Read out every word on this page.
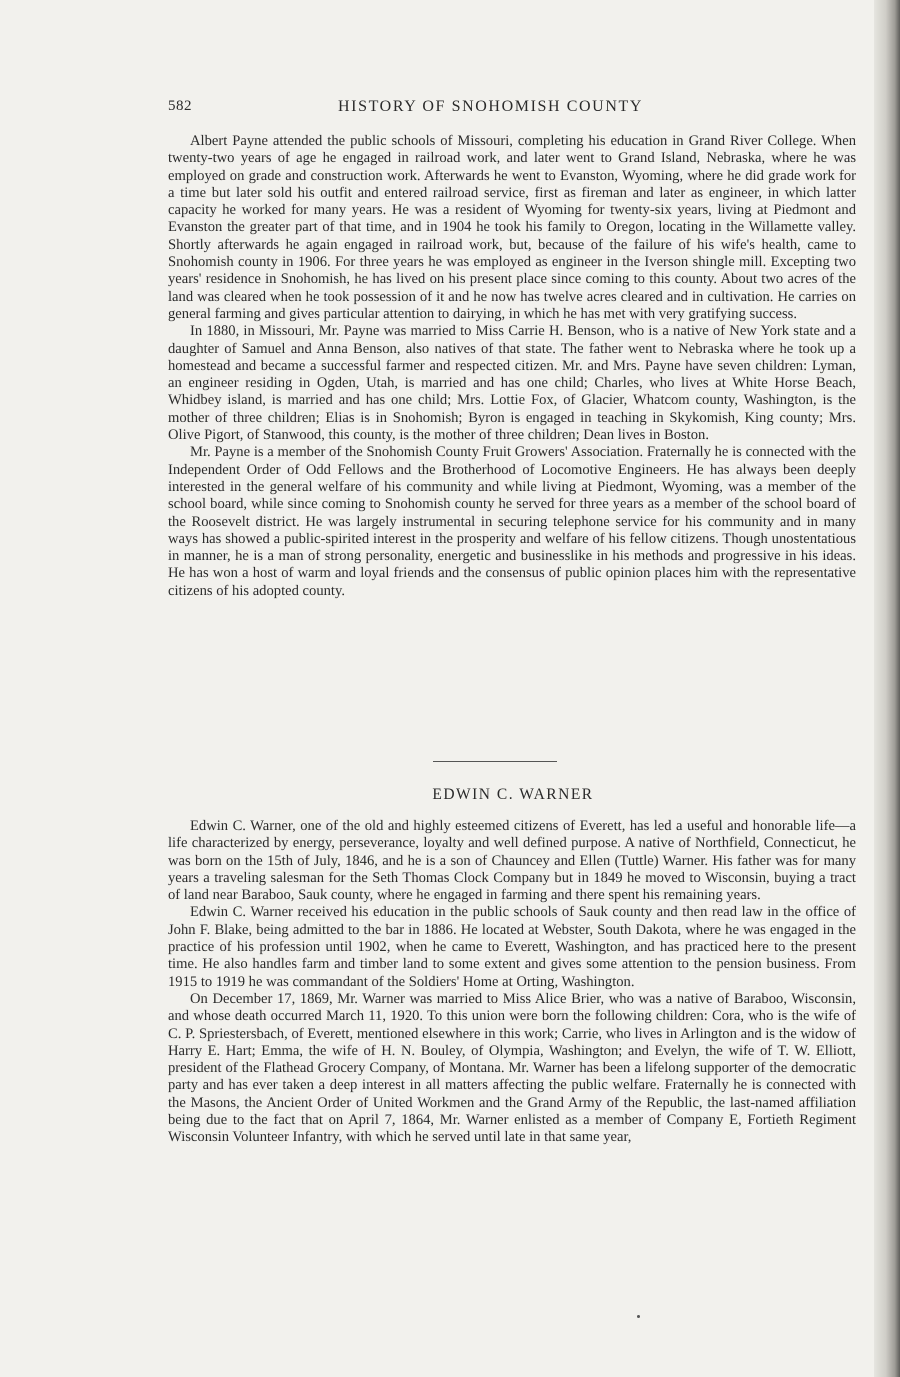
582	HISTORY OF SNOHOMISH COUNTY

Albert Payne attended the public schools of Missouri, completing his education in Grand River College. When twenty-two years of age he engaged in railroad work, and later went to Grand Island, Nebraska, where he was employed on grade and construction work. Afterwards he went to Evanston, Wyoming, where he did grade work for a time but later sold his outfit and entered railroad service, first as fireman and later as engineer, in which latter capacity he worked for many years. He was a resident of Wyoming for twenty-six years, living at Piedmont and Evanston the greater part of that time, and in 1904 he took his family to Oregon, locating in the Willamette valley. Shortly afterwards he again engaged in railroad work, but, because of the failure of his wife's health, came to Snohomish county in 1906. For three years he was employed as engineer in the Iverson shingle mill. Excepting two years' residence in Snohomish, he has lived on his present place since coming to this county. About two acres of the land was cleared when he took possession of it and he now has twelve acres cleared and in cultivation. He carries on general farming and gives particular attention to dairying, in which he has met with very gratifying success.

In 1880, in Missouri, Mr. Payne was married to Miss Carrie H. Benson, who is a native of New York state and a daughter of Samuel and Anna Benson, also natives of that state. The father went to Nebraska where he took up a homestead and became a successful farmer and respected citizen. Mr. and Mrs. Payne have seven children: Lyman, an engineer residing in Ogden, Utah, is married and has one child; Charles, who lives at White Horse Beach, Whidbey island, is married and has one child; Mrs. Lottie Fox, of Glacier, Whatcom county, Washington, is the mother of three children; Elias is in Snohomish; Byron is engaged in teaching in Skykomish, King county; Mrs. Olive Pigort, of Stanwood, this county, is the mother of three children; Dean lives in Boston.

Mr. Payne is a member of the Snohomish County Fruit Growers' Association. Fraternally he is connected with the Independent Order of Odd Fellows and the Brotherhood of Locomotive Engineers. He has always been deeply interested in the general welfare of his community and while living at Piedmont, Wyoming, was a member of the school board, while since coming to Snohomish county he served for three years as a member of the school board of the Roosevelt district. He was largely instrumental in securing telephone service for his community and in many ways has showed a public-spirited interest in the prosperity and welfare of his fellow citizens. Though unostentatious in manner, he is a man of strong personality, energetic and businesslike in his methods and progressive in his ideas. He has won a host of warm and loyal friends and the consensus of public opinion places him with the representative citizens of his adopted county.

EDWIN C. WARNER

Edwin C. Warner, one of the old and highly esteemed citizens of Everett, has led a useful and honorable life—a life characterized by energy, perseverance, loyalty and well defined purpose. A native of Northfield, Connecticut, he was born on the 15th of July, 1846, and he is a son of Chauncey and Ellen (Tuttle) Warner. His father was for many years a traveling salesman for the Seth Thomas Clock Company but in 1849 he moved to Wisconsin, buying a tract of land near Baraboo, Sauk county, where he engaged in farming and there spent his remaining years.

Edwin C. Warner received his education in the public schools of Sauk county and then read law in the office of John F. Blake, being admitted to the bar in 1886. He located at Webster, South Dakota, where he was engaged in the practice of his profession until 1902, when he came to Everett, Washington, and has practiced here to the present time. He also handles farm and timber land to some extent and gives some attention to the pension business. From 1915 to 1919 he was commandant of the Soldiers' Home at Orting, Washington.

On December 17, 1869, Mr. Warner was married to Miss Alice Brier, who was a native of Baraboo, Wisconsin, and whose death occurred March 11, 1920. To this union were born the following children: Cora, who is the wife of C. P. Spriestersbach, of Everett, mentioned elsewhere in this work; Carrie, who lives in Arlington and is the widow of Harry E. Hart; Emma, the wife of H. N. Bouley, of Olympia, Washington; and Evelyn, the wife of T. W. Elliott, president of the Flathead Grocery Company, of Montana. Mr. Warner has been a lifelong supporter of the democratic party and has ever taken a deep interest in all matters affecting the public welfare. Fraternally he is connected with the Masons, the Ancient Order of United Workmen and the Grand Army of the Republic, the last-named affiliation being due to the fact that on April 7, 1864, Mr. Warner enlisted as a member of Company E, Fortieth Regiment Wisconsin Volunteer Infantry, with which he served until late in that same year,
